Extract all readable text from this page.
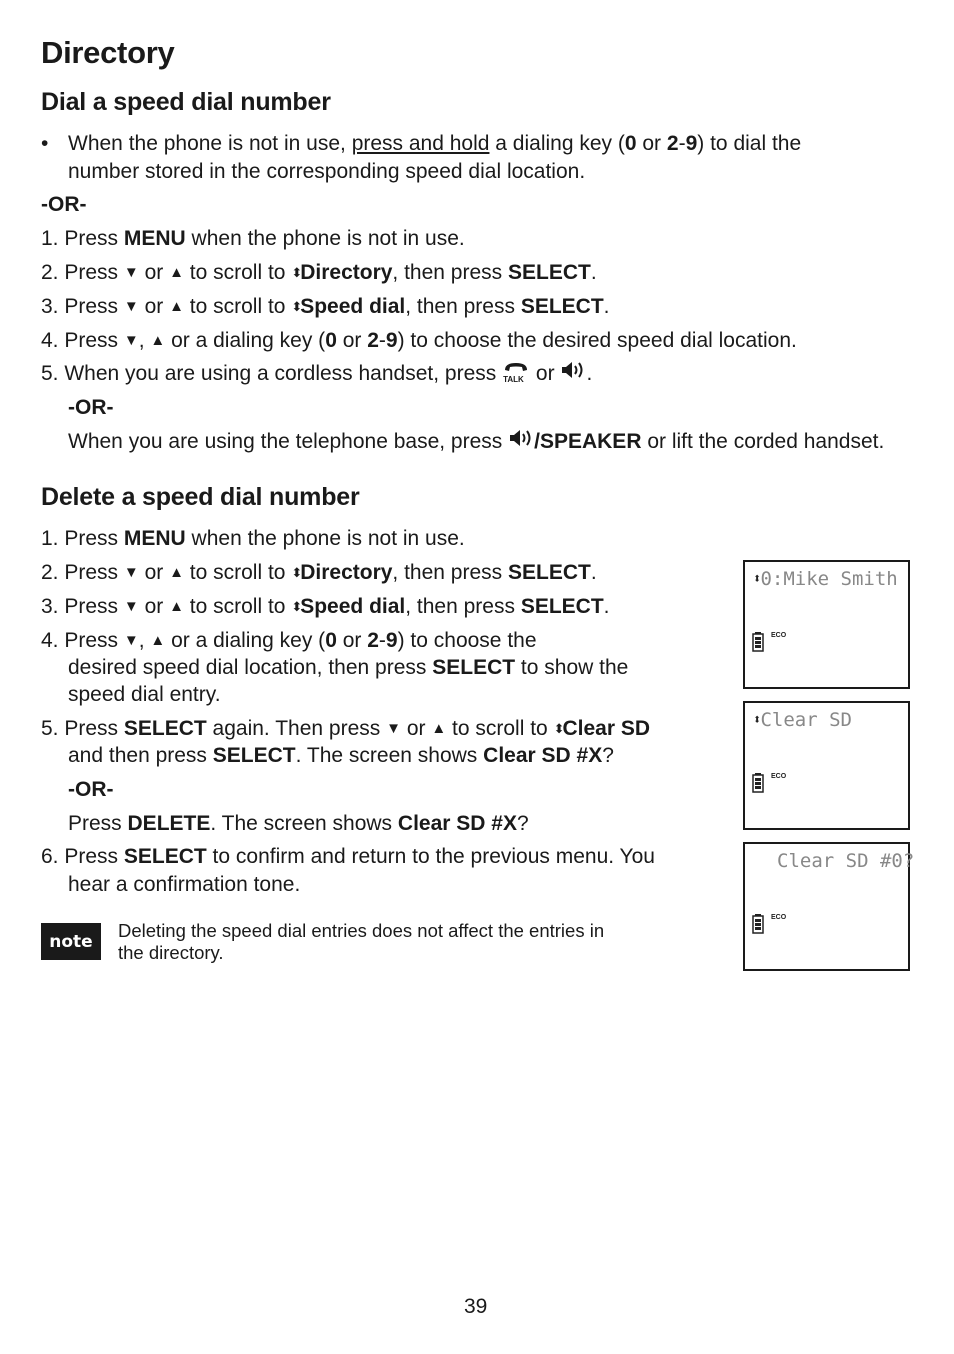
Directory
Dial a speed dial number
• When the phone is not in use, press and hold a dialing key (0 or 2-9) to dial the
number stored in the corresponding speed dial location.
-OR-
1. Press MENU when the phone is not in use.
2. Press ▼ or ▲ to scroll to ⬍Directory, then press SELECT.
3. Press ▼ or ▲ to scroll to ⬍Speed dial, then press SELECT.
4. Press ▼, ▲ or a dialing key (0 or 2-9) to choose the desired speed dial location.
5. When you are using a cordless handset, press TALK or .
-OR-
When you are using the telephone base, press /SPEAKER or lift the corded handset.
Delete a speed dial number
1. Press MENU when the phone is not in use.
2. Press ▼ or ▲ to scroll to ⬍Directory, then press SELECT.
3. Press ▼ or ▲ to scroll to ⬍Speed dial, then press SELECT.
4. Press ▼, ▲ or a dialing key (0 or 2-9) to choose the
desired speed dial location, then press SELECT to show the
speed dial entry.
5. Press SELECT again. Then press ▼ or ▲ to scroll to ⬍Clear SD
and then press SELECT. The screen shows Clear SD #X?
-OR-
Press DELETE. The screen shows Clear SD #X?
6. Press SELECT to confirm and return to the previous menu. You
hear a confirmation tone.
note
Deleting the speed dial entries does not affect the entries in
the directory.
⬍0:Mike Smith
ECO
⬍Clear SD
ECO
Clear SD #0?
ECO
39
